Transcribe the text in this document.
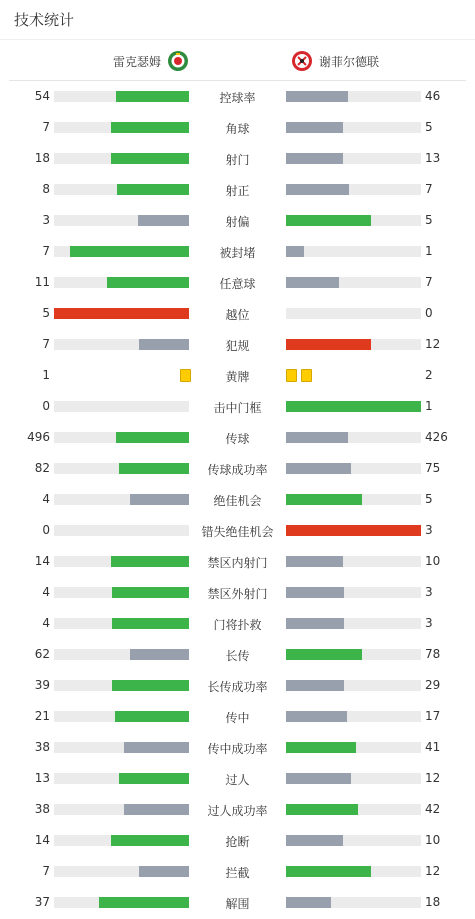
技术统计
雷克瑟姆	谢菲尔德联
54	控球率	46
7	角球	5
18	射门	13
8	射正	7
3	射偏	5
7	被封堵	1
11	任意球	7
5	越位	0
7	犯规	12
1	黄牌	2
0	击中门框	1
496	传球	426
82	传球成功率	75
4	绝佳机会	5
0	错失绝佳机会	3
14	禁区内射门	10
4	禁区外射门	3
4	门将扑救	3
62	长传	78
39	长传成功率	29
21	传中	17
38	传中成功率	41
13	过人	12
38	过人成功率	42
14	抢断	10
7	拦截	12
37	解围	18
